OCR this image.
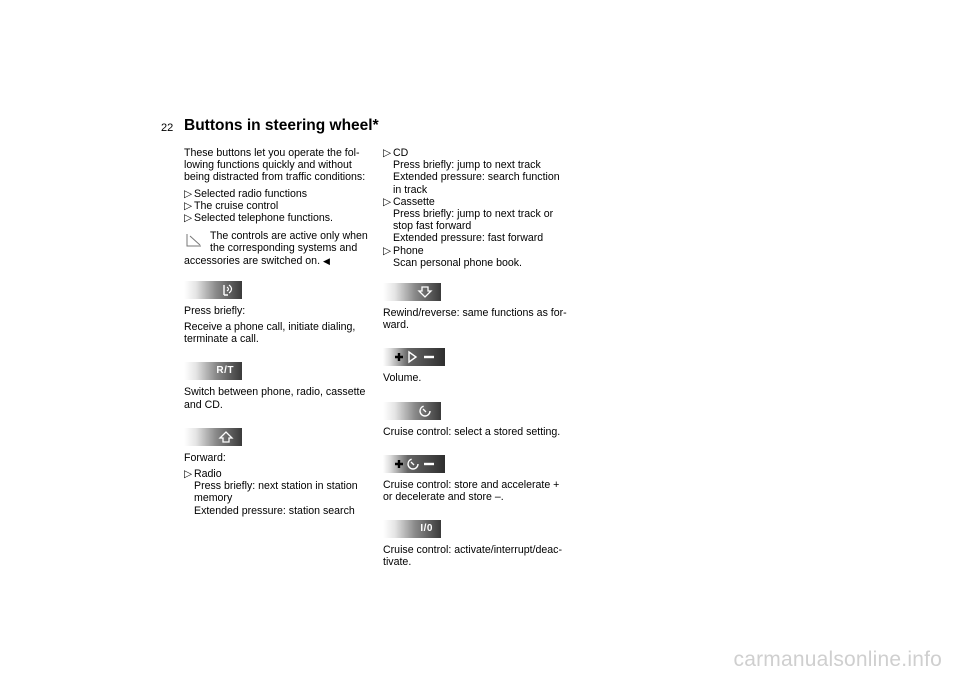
22 Buttons in steering wheel*

These buttons let you operate the fol-
lowing functions quickly and without
being distracted from traffic conditions:

▷ Selected radio functions
▷ The cruise control
▷ Selected telephone functions.
The controls are active only when
the corresponding systems and
accessories are switched on. ◀

Press briefly:

Receive a phone call, initiate dialing,
terminate a call.

R/T

Switch between phone, radio, cassette
and CD.

Forward:

▷ Radio
Press briefly: next station in station
memory
Extended pressure: station search
▷ CD
Press briefly: jump to next track
Extended pressure: search function
in track
▷ Cassette
Press briefly: jump to next track or
stop fast forward
Extended pressure: fast forward
▷ Phone
Scan personal phone book.

Rewind/reverse: same functions as for-
ward.

Volume.

Cruise control: select a stored setting.

Cruise control: store and accelerate +
or decelerate and store –.

I/0

Cruise control: activate/interrupt/deac-
tivate.

carmanualsonline.info
